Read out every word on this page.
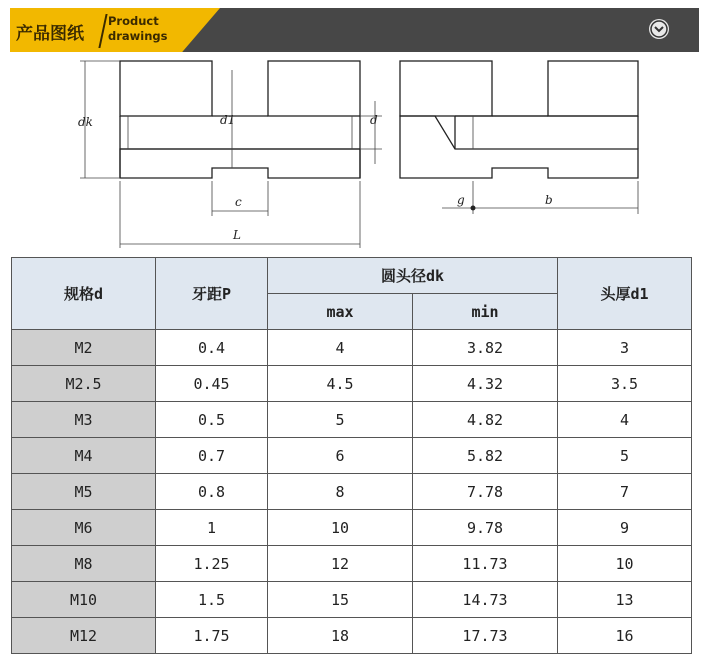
产品图纸
Product
drawings
dk	d1	d
c
L
g	b
规格d	牙距P	圆头径dk		头厚d1
		max	min	
M2	0.4	4	3.82	3
M2.5	0.45	4.5	4.32	3.5
M3	0.5	5	4.82	4
M4	0.7	6	5.82	5
M5	0.8	8	7.78	7
M6	1	10	9.78	9
M8	1.25	12	11.73	10
M10	1.5	15	14.73	13
M12	1.75	18	17.73	16
